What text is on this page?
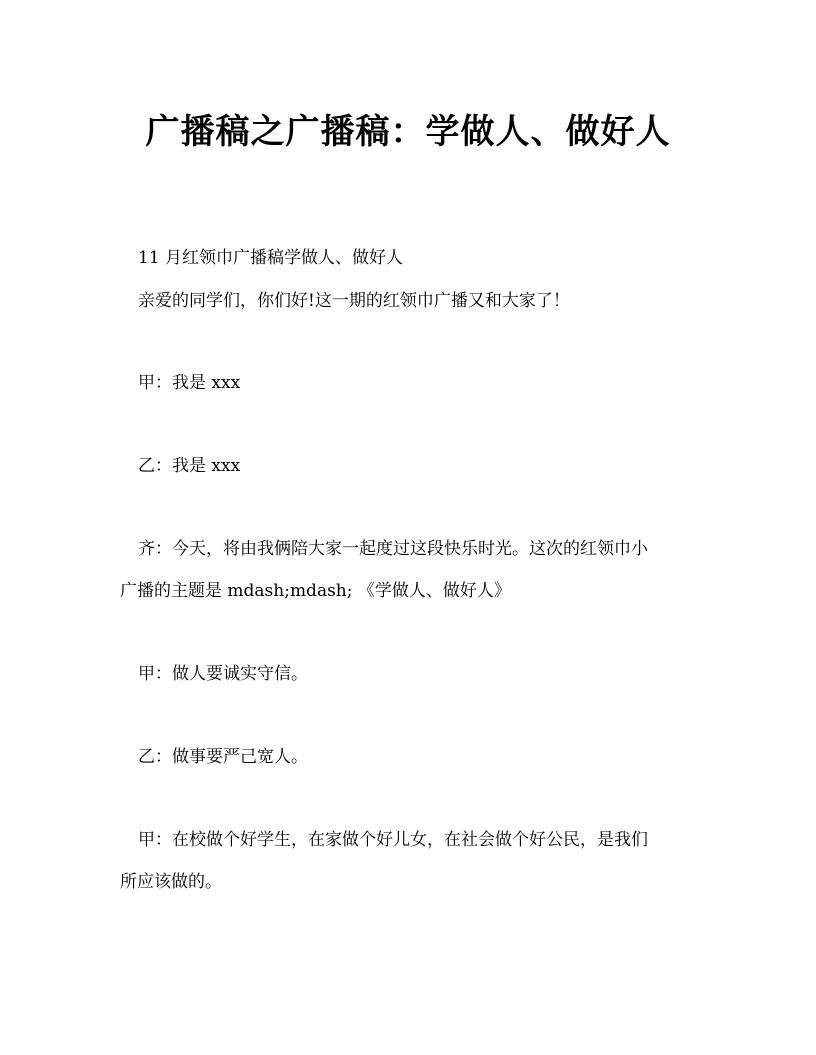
广播稿之广播稿：学做人、做好人
11 月红领巾广播稿学做人、做好人
亲爱的同学们，你们好!这一期的红领巾广播又和大家了！
甲：我是 xxx
乙：我是 xxx
齐：今天，将由我俩陪大家一起度过这段快乐时光。这次的红领巾小
广播的主题是 mdash;mdash; 《学做人、做好人》
甲：做人要诚实守信。
乙：做事要严己宽人。
甲：在校做个好学生，在家做个好儿女，在社会做个好公民，是我们
所应该做的。
